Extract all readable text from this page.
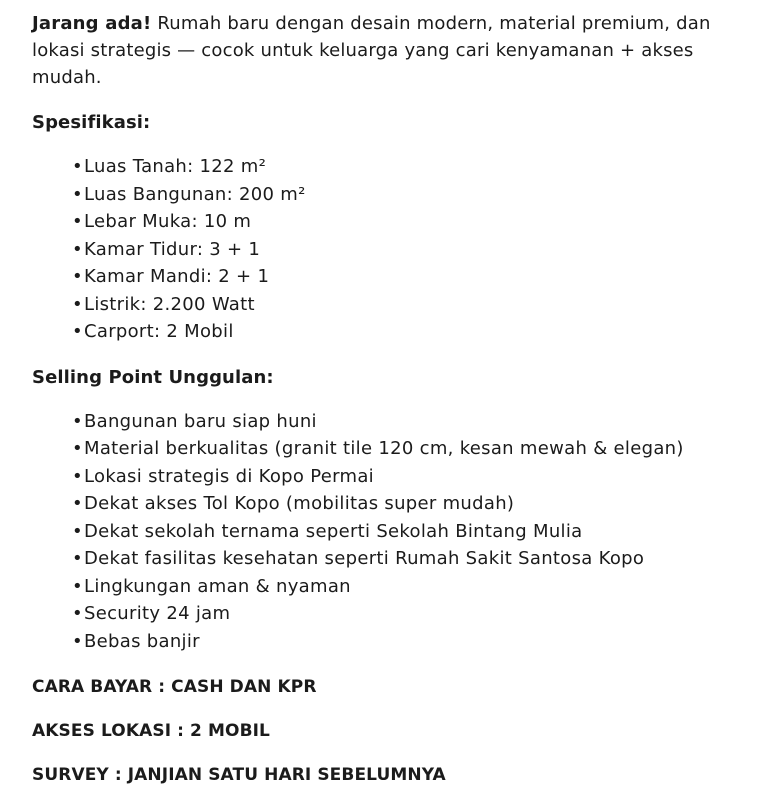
Jarang ada! Rumah baru dengan desain modern, material premium, dan lokasi strategis — cocok untuk keluarga yang cari kenyamanan + akses mudah.

Spesifikasi:
• Luas Tanah: 122 m²
• Luas Bangunan: 200 m²
• Lebar Muka: 10 m
• Kamar Tidur: 3 + 1
• Kamar Mandi: 2 + 1
• Listrik: 2.200 Watt
• Carport: 2 Mobil
Selling Point Unggulan:
• Bangunan baru siap huni
• Material berkualitas (granit tile 120 cm, kesan mewah & elegan)
• Lokasi strategis di Kopo Permai
• Dekat akses Tol Kopo (mobilitas super mudah)
• Dekat sekolah ternama seperti Sekolah Bintang Mulia
• Dekat fasilitas kesehatan seperti Rumah Sakit Santosa Kopo
• Lingkungan aman & nyaman
• Security 24 jam
• Bebas banjir

CARA BAYAR : CASH DAN KPR

AKSES LOKASI : 2 MOBIL

SURVEY : JANJIAN SATU HARI SEBELUMNYA
